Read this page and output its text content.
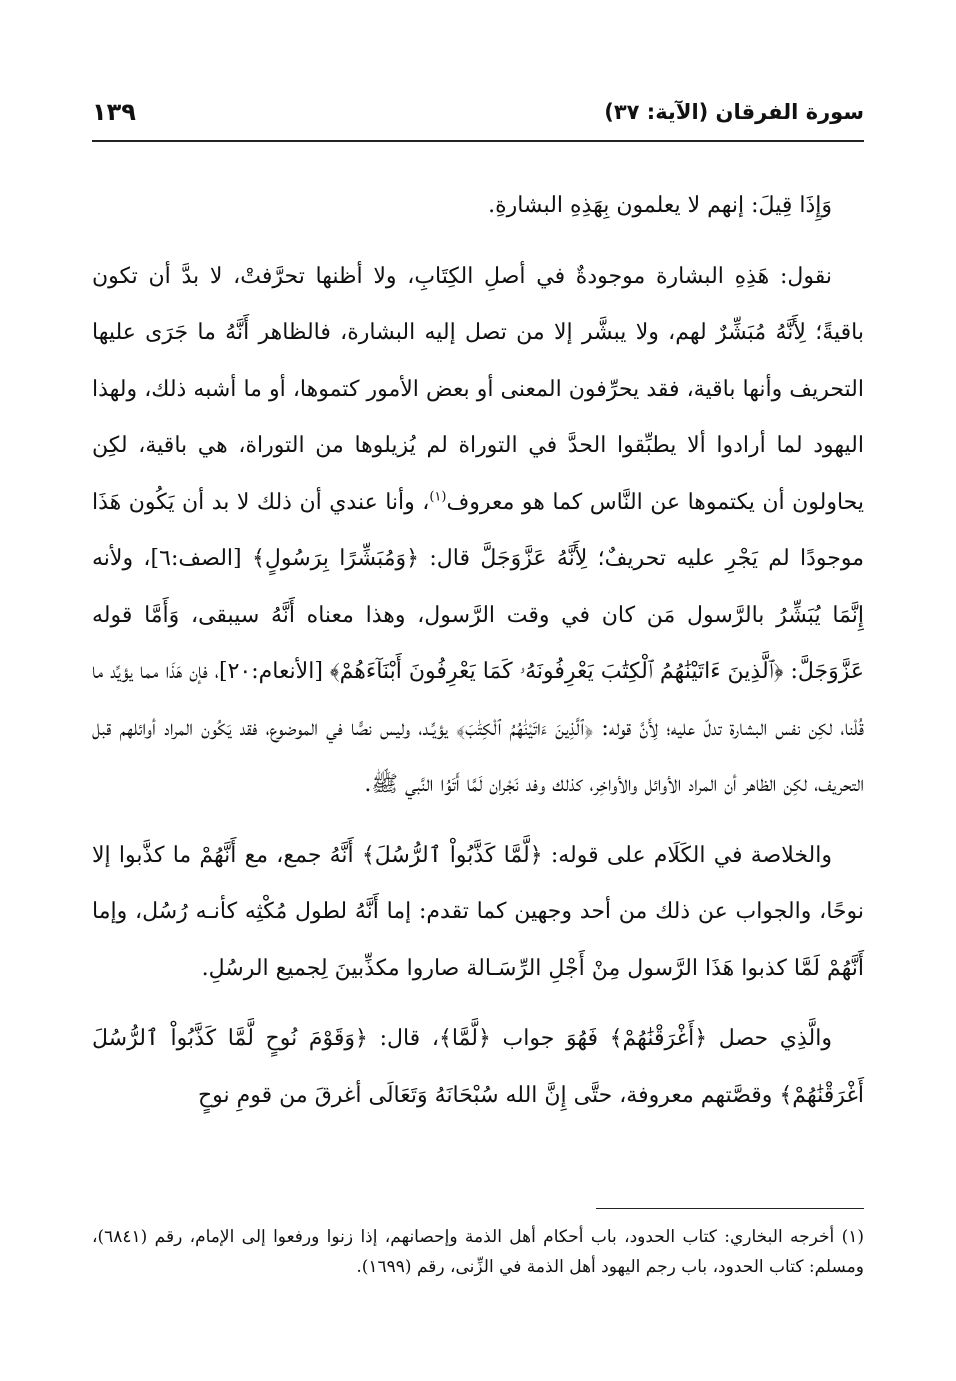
سورة الفرقان (الآية: ٣٧)
١٣٩

وَإِذَا قِيلَ: إنهم لا يعلمون بِهَذِهِ البشارةِ.

نقول: هَذِهِ البشارة موجودةٌ في أصلِ الكِتَابِ، ولا أظنها تحرَّفتْ، لا بدَّ أن تكون باقيةً؛ لِأَنَّهُ مُبَشِّرٌ لهم، ولا يبشَّر إلا من تصل إليه البشارة، فالظاهر أَنَّهُ ما جَرَى عليها التحريف وأنها باقية، فقد يحرِّفون المعنى أو بعض الأمور كتموها، أو ما أشبه ذلك، ولهذا اليهود لما أرادوا ألا يطبِّقوا الحدَّ في التوراة لم يُزيلوها من التوراة، هي باقية، لكِن يحاولون أن يكتموها عن النَّاس كما هو معروف$^{(١)}$، وأنا عندي أن ذلك لا بد أن يَكُون هَذَا موجودًا لم يَجْرِ عليه تحريفٌ؛ لِأَنَّهُ عَزَّوَجَلَّ قال: ﴿وَمُبَشِّرًا بِرَسُولٍ﴾ [الصف:٦]، ولأنه إِنَّمَا يُبَشِّرُ بالرَّسول مَن كان في وقت الرَّسول، وهذا معناه أَنَّهُ سيبقى، وَأَمَّا قوله عَزَّوَجَلَّ: ﴿ٱلَّذِينَ ءَاتَيْنَٰهُمُ ٱلْكِتَٰبَ يَعْرِفُونَهُۥ كَمَا يَعْرِفُونَ أَبْنَآءَهُمْ﴾ [الأنعام:٢٠]، فإن هَذَا مما يؤيِّد ما قُلْنا، لكِن نفس البشارة تدلّ عليه؛ لِأَنَّ قوله: ﴿ٱلَّذِينَ ءَاتَيْنَٰهُمُ ٱلْكِتَٰبَ﴾ يؤيِّـد، وليس نصًّا في الموضوع، فقد يَكُون المراد أوائلهم قبل التحريف، لكِن الظاهر أن المراد الأوائل والأواخِر، كذلك وفد نَجْران لَمَّا أَتَوُا النَّبي ﷺ.

والخلاصة في الكَلَام على قوله: ﴿لَّمَّا كَذَّبُواْ ٱلرُّسُلَ﴾ أَنَّهُ جمع، مع أَنَّهُمْ ما كذَّبوا إلا نوحًا، والجواب عن ذلك من أحد وجهين كما تقدم: إما أَنَّهُ لطول مُكْثِه كأنـه رُسُل، وإما أَنَّهُمْ لَمَّا كذبوا هَذَا الرَّسول مِنْ أَجْلِ الرِّسَـالة صاروا مكذِّبينَ لِجميع الرسُلِ.

والَّذِي حصل ﴿أَغْرَقْنَٰهُمْ﴾ فَهُوَ جواب ﴿لَّمَّا﴾، قال: ﴿وَقَوْمَ نُوحٍ لَّمَّا كَذَّبُواْ ٱلرُّسُلَ أَغْرَقْنَٰهُمْ﴾ وقصَّتهم معروفة، حتَّى إِنَّ الله سُبْحَانَهُ وَتَعَالَى أغرقَ من قومِ نوحٍ

(١) أخرجه البخاري: كتاب الحدود، باب أحكام أهل الذمة وإحصانهم، إذا زنوا ورفعوا إلى الإمام، رقم (٦٨٤١)، ومسلم: كتاب الحدود، باب رجم اليهود أهل الذمة في الزِّنى، رقم (١٦٩٩).
